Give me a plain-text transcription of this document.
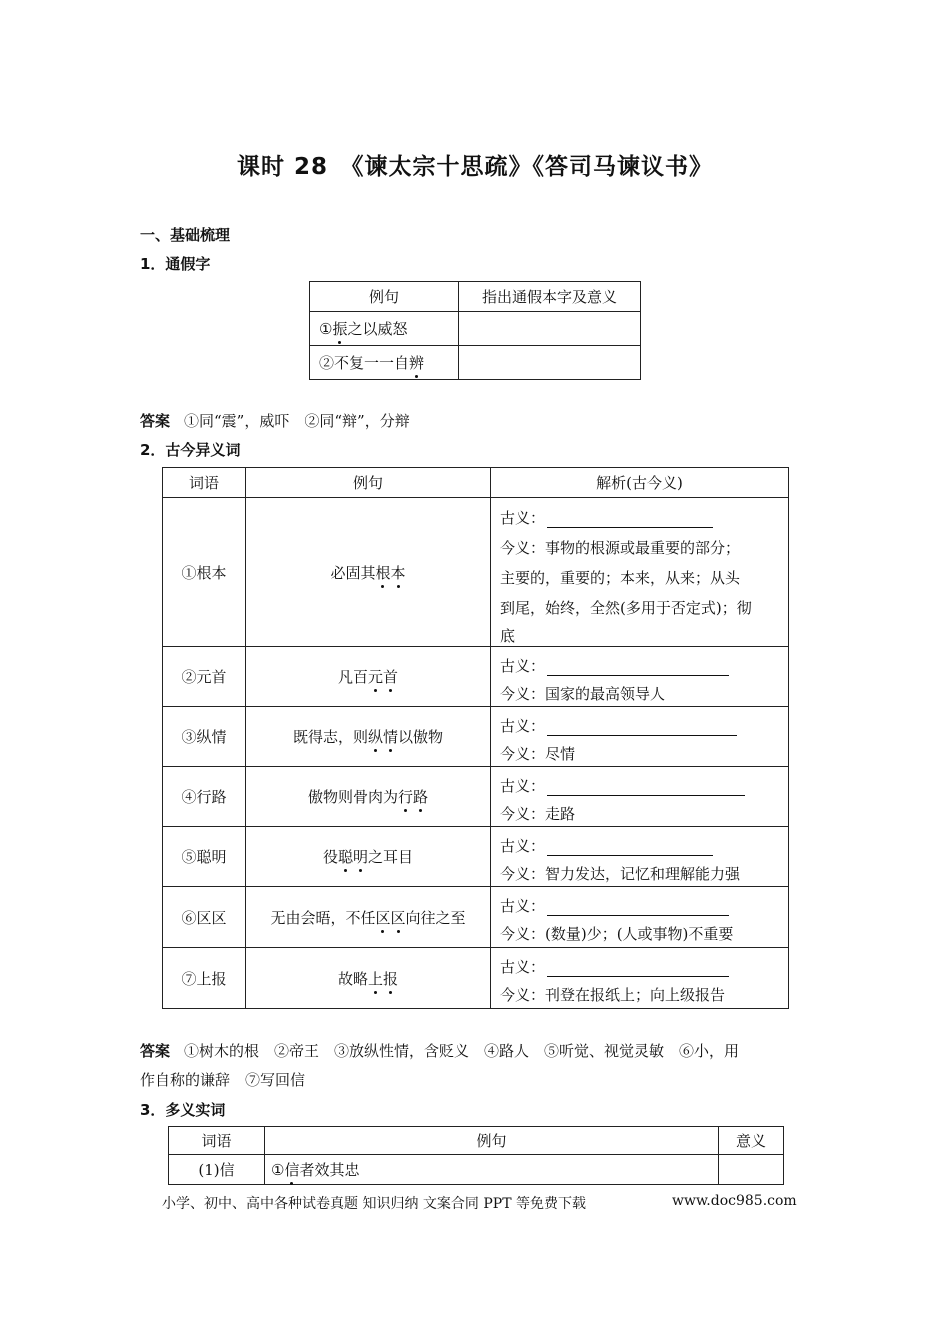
课时 28　《谏太宗十思疏》《答司马谏议书》
一、基础梳理
1．通假字
例句	指出通假本字及意义
①振之以威怒	
②不复一一自辨	
答案 ①同“震”，威吓　②同“辩”，分辩
2．古今异义词
词语	例句	解析(古今义)
①根本	必固其根本	古义：
今义：事物的根源或最重要的部分；
主要的，重要的；本来，从来；从头
到尾，始终，全然(多用于否定式)；彻
底

②元首	凡百元首	古义：
今义：国家的最高领导人

③纵情	既得志，则纵情以傲物	古义：
今义：尽情

④行路	傲物则骨肉为行路	古义：
今义：走路

⑤聪明	役聪明之耳目	古义：
今义：智力发达，记忆和理解能力强

⑥区区	无由会晤，不任区区向往之至	古义：
今义：(数量)少；(人或事物)不重要

⑦上报	故略上报	古义：
今义：刊登在报纸上；向上级报告
答案 ①树木的根　②帝王　③放纵性情，含贬义　④路人　⑤听觉、视觉灵敏　⑥小，用
作自称的谦辞　⑦写回信
3．多义实词
词语	例句	意义
(1)信	①信者效其忠	
小学、初中、高中各种试卷真题 知识归纳 文案合同 PPT 等免费下载	www.doc985.com
